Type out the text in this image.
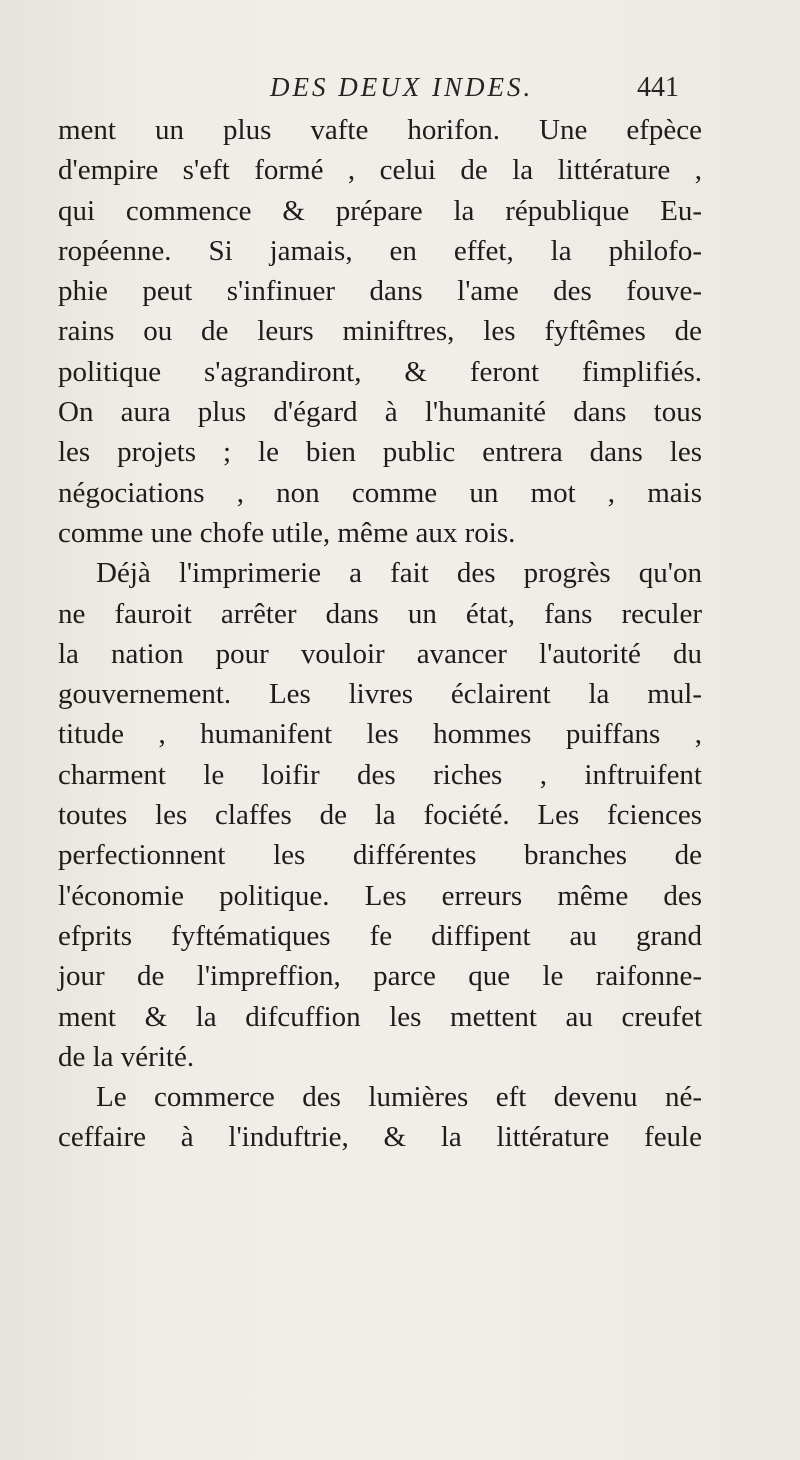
DES DEUX INDES.	441
ment un plus vafte horifon. Une efpèce
d'empire s'eft formé , celui de la littérature ,
qui commence & prépare la république Eu-
ropéenne. Si jamais, en effet, la philofo-
phie peut s'infinuer dans l'ame des fouve-
rains ou de leurs miniftres, les fyftêmes de
politique s'agrandiront, & feront fimplifiés.
On aura plus d'égard à l'humanité dans tous
les projets ; le bien public entrera dans les
négociations , non comme un mot , mais
comme une chofe utile, même aux rois.
Déjà l'imprimerie a fait des progrès qu'on
ne fauroit arrêter dans un état, fans reculer
la nation pour vouloir avancer l'autorité du
gouvernement. Les livres éclairent la mul-
titude , humanifent les hommes puiffans ,
charment le loifir des riches , inftruifent
toutes les claffes de la fociété. Les fciences
perfectionnent les différentes branches de
l'économie politique. Les erreurs même des
efprits fyftématiques fe diffipent au grand
jour de l'impreffion, parce que le raifonne-
ment & la difcuffion les mettent au creufet
de la vérité.
Le commerce des lumières eft devenu né-
ceffaire à l'induftrie, & la littérature feule
